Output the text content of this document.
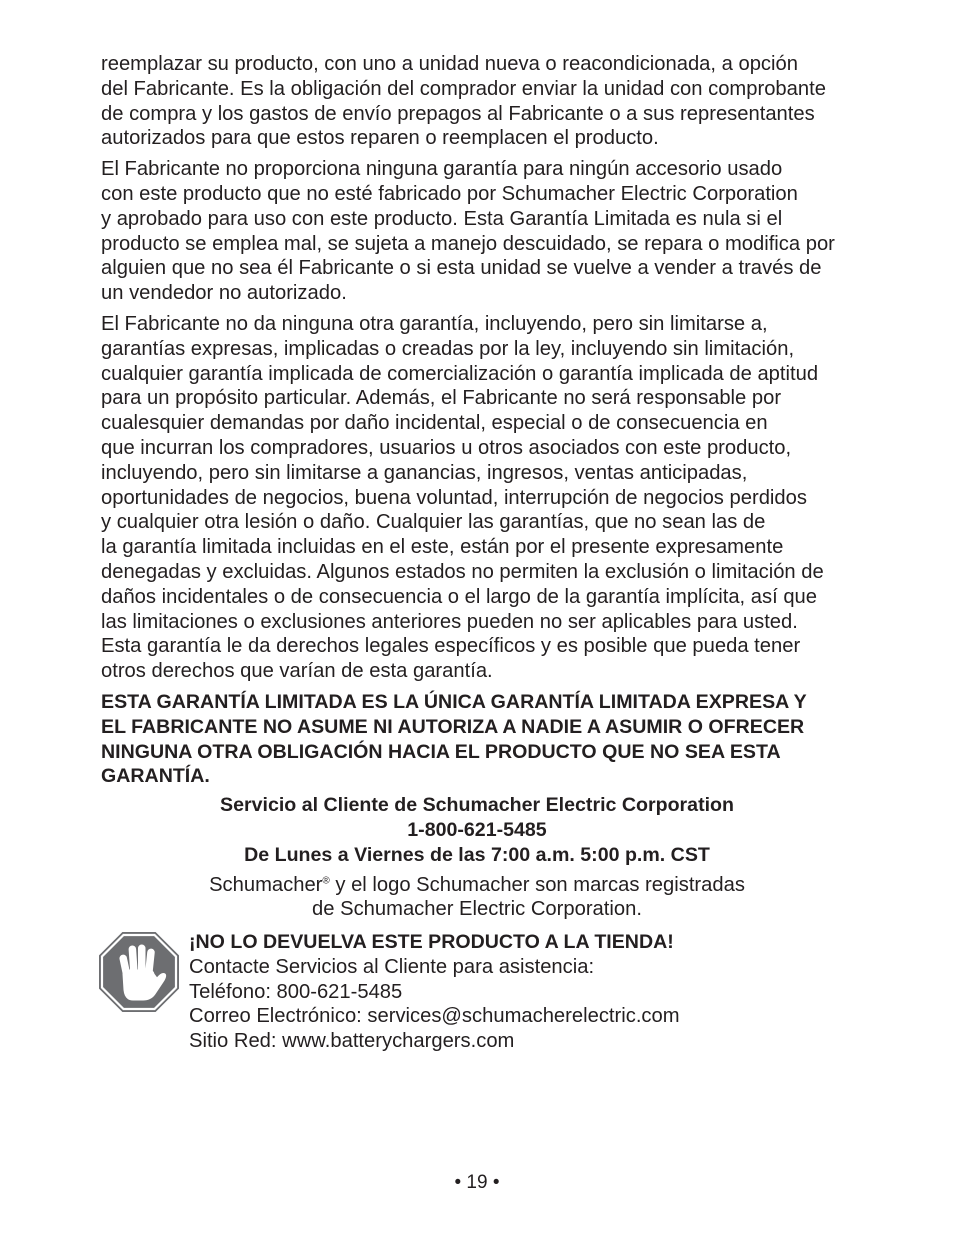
reemplazar su producto, con uno a unidad nueva o reacondicionada, a opción
del Fabricante. Es la obligación del comprador enviar la unidad con comprobante
de compra y los gastos de envío prepagos al Fabricante o a sus representantes
autorizados para que estos reparen o reemplacen el producto.

El Fabricante no proporciona ninguna garantía para ningún accesorio usado
con este producto que no esté fabricado por Schumacher Electric Corporation
y aprobado para uso con este producto. Esta Garantía Limitada es nula si el
producto se emplea mal, se sujeta a manejo descuidado, se repara o modifica por
alguien que no sea él Fabricante o si esta unidad se vuelve a vender a través de
un vendedor no autorizado.

El Fabricante no da ninguna otra garantía, incluyendo, pero sin limitarse a,
garantías expresas, implicadas o creadas por la ley, incluyendo sin limitación,
cualquier garantía implicada de comercialización o garantía implicada de aptitud
para un propósito particular. Además, el Fabricante no será responsable por
cualesquier demandas por daño incidental, especial o de consecuencia en
que incurran los compradores, usuarios u otros asociados con este producto,
incluyendo, pero sin limitarse a ganancias, ingresos, ventas anticipadas,
oportunidades de negocios, buena voluntad, interrupción de negocios perdidos
y cualquier otra lesión o daño. Cualquier las garantías, que no sean las de
la garantía limitada incluidas en el este, están por el presente expresamente
denegadas y excluidas. Algunos estados no permiten la exclusión o limitación de
daños incidentales o de consecuencia o el largo de la garantía implícita, así que
las limitaciones o exclusiones anteriores pueden no ser aplicables para usted.
Esta garantía le da derechos legales específicos y es posible que pueda tener
otros derechos que varían de esta garantía.

ESTA GARANTÍA LIMITADA ES LA ÚNICA GARANTÍA LIMITADA EXPRESA Y
EL FABRICANTE NO ASUME NI AUTORIZA A NADIE A ASUMIR O OFRECER
NINGUNA OTRA OBLIGACIÓN HACIA EL PRODUCTO QUE NO SEA ESTA
GARANTÍA.

Servicio al Cliente de Schumacher Electric Corporation
1-800-621-5485
De Lunes a Viernes de las 7:00 a.m. 5:00 p.m. CST
Schumacher® y el logo Schumacher son marcas registradas
de Schumacher Electric Corporation.
¡NO LO DEVUELVA ESTE PRODUCTO A LA TIENDA!
Contacte Servicios al Cliente para asistencia:
Teléfono: 800-621-5485
Correo Electrónico: services@schumacherelectric.com
Sitio Red: www.batterychargers.com
• 19 •
